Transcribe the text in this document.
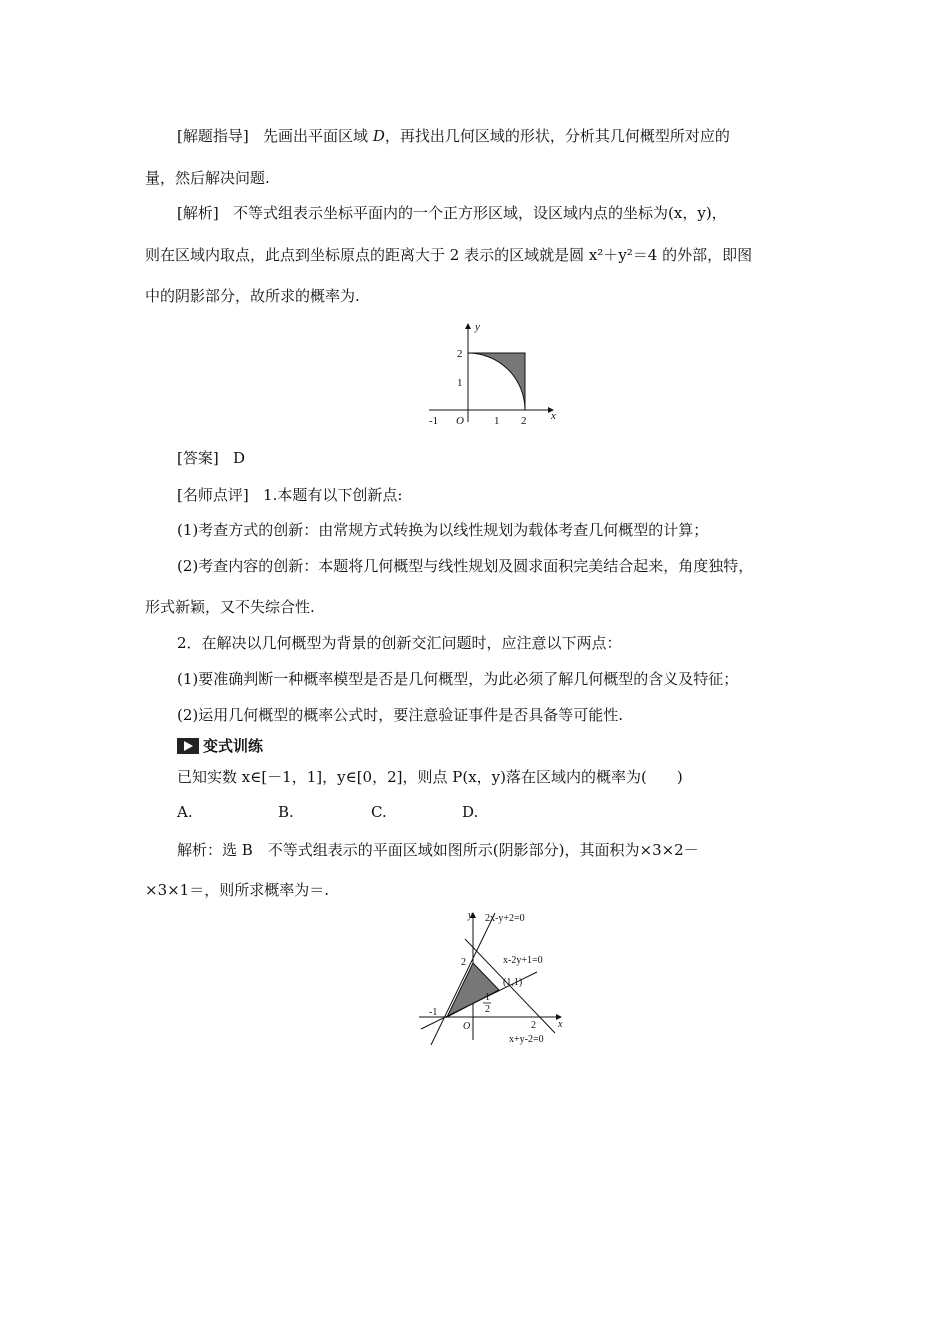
[解题指导] 先画出平面区域 D，再找出几何区域的形状，分析其几何概型所对应的
量，然后解决问题.
[解析] 不等式组表示坐标平面内的一个正方形区域，设区域内点的坐标为(x，y)，
则在区域内取点，此点到坐标原点的距离大于 2 表示的区域就是圆 x²＋y²＝4 的外部，即图
中的阴影部分，故所求的概率为.
y
x
O
-1	1 2
1
2
[答案] D
[名师点评] 1.本题有以下创新点:
(1)考查方式的创新：由常规方式转换为以线性规划为载体考查几何概型的计算；
(2)考查内容的创新：本题将几何概型与线性规划及圆求面积完美结合起来，角度独特，
形式新颖，又不失综合性.
2．在解决以几何概型为背景的创新交汇问题时，应注意以下两点：
(1)要准确判断一种概率模型是否是几何概型，为此必须了解几何概型的含义及特征；
(2)运用几何概型的概率公式时，要注意验证事件是否具备等可能性.
变式训练
已知实数 x∈[－1，1]，y∈[0，2]，则点 P(x，y)落在区域内的概率为(　　)
A.	B.	C.	D.
解析：选 B　不等式组表示的平面区域如图所示(阴影部分)，其面积为×3×2－
×3×1＝，则所求概率为＝.
y
x
O
2x-y+2=0
x-2y+1=0
x+y-2=0
(1,1)
2
-1
2
1
2
